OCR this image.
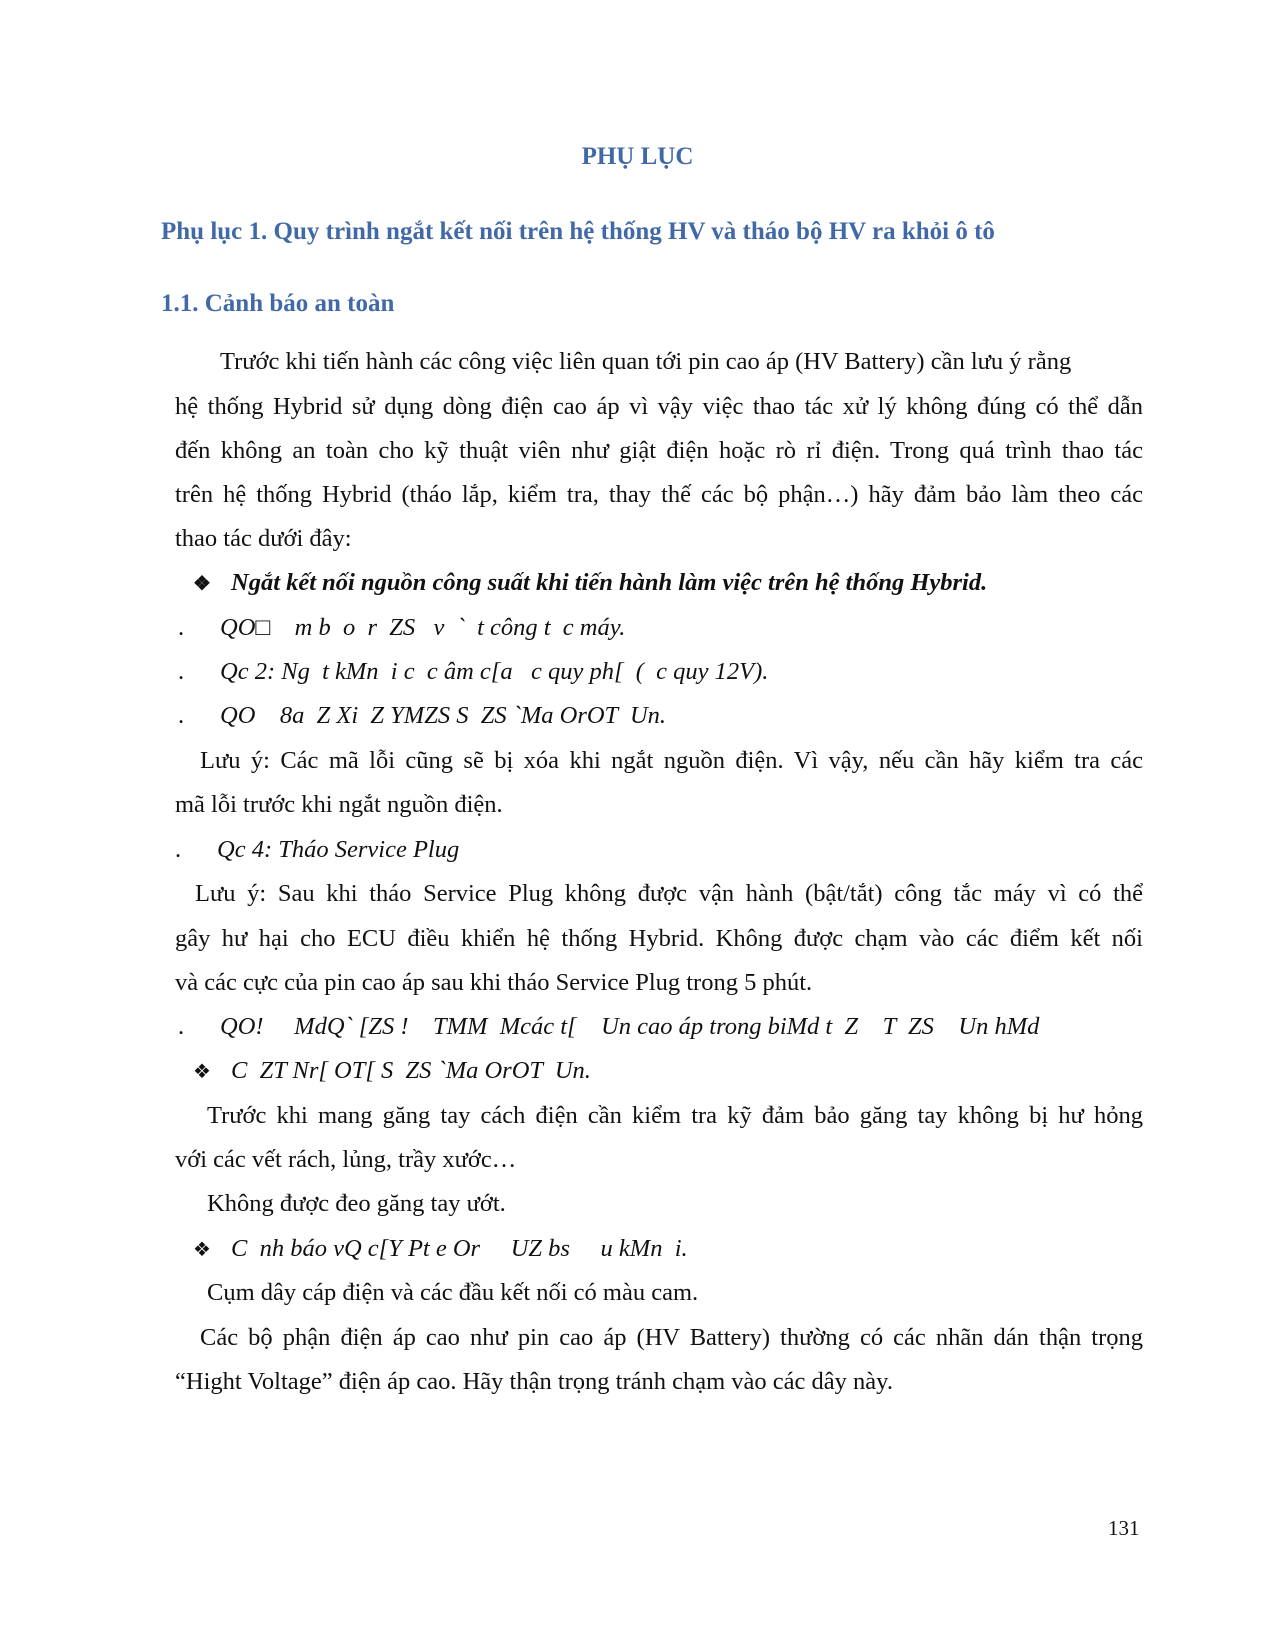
PHỤ LỤC
Phụ lục 1. Quy trình ngắt kết nối trên hệ thống HV và tháo bộ HV ra khỏi ô tô
1.1. Cảnh báo an toàn
Trước khi tiến hành các công việc liên quan tới pin cao áp (HV Battery) cần lưu ý rằng
hệ thống Hybrid sử dụng dòng điện cao áp vì vậy việc thao tác xử lý không đúng có thể dẫn
đến không an toàn cho kỹ thuật viên như giật điện hoặc rò rỉ điện. Trong quá trình thao tác
trên hệ thống Hybrid (tháo lắp, kiểm tra, thay thế các bộ phận…) hãy đảm bảo làm theo các
thao tác dưới đây:
❖ Ngắt kết nối nguồn công suất khi tiến hành làm việc trên hệ thống Hybrid.
. QO□    m b  o  r  ZS   v  `  t công t  c máy.
. Qc 2: Ng  t kMn  i c  c âm c[a   c quy ph[  (  c quy 12V).
. QO    8a  Z Xi  Z YMZS S  ZS `Ma OrOT  Un.
Lưu ý: Các mã lỗi cũng sẽ bị xóa khi ngắt nguồn điện. Vì vậy, nếu cần hãy kiểm tra các
mã lỗi trước khi ngắt nguồn điện.
. Qc 4: Tháo Service Plug
Lưu ý: Sau khi tháo Service Plug không được vận hành (bật/tắt) công tắc máy vì có thể
gây hư hại cho ECU điều khiển hệ thống Hybrid. Không được chạm vào các điểm kết nối
và các cực của pin cao áp sau khi tháo Service Plug trong 5 phút.
. QO!     MdQ` [ZS !    TMM  Mcác t[    Un cao áp trong biMd t  Z    T  ZS    Un hMd
❖ C  ZT Nr[ OT[ S  ZS `Ma OrOT  Un.
Trước khi mang găng tay cách điện cần kiểm tra kỹ đảm bảo găng tay không bị hư hỏng
với các vết rách, lủng, trầy xước…
Không được đeo găng tay ướt.
❖ C  nh báo vQ c[Y Pt e Or     UZ bs     u kMn  i.
Cụm dây cáp điện và các đầu kết nối có màu cam.
Các bộ phận điện áp cao như pin cao áp (HV Battery) thường có các nhãn dán thận trọng
“Hight Voltage” điện áp cao. Hãy thận trọng tránh chạm vào các dây này.
131
